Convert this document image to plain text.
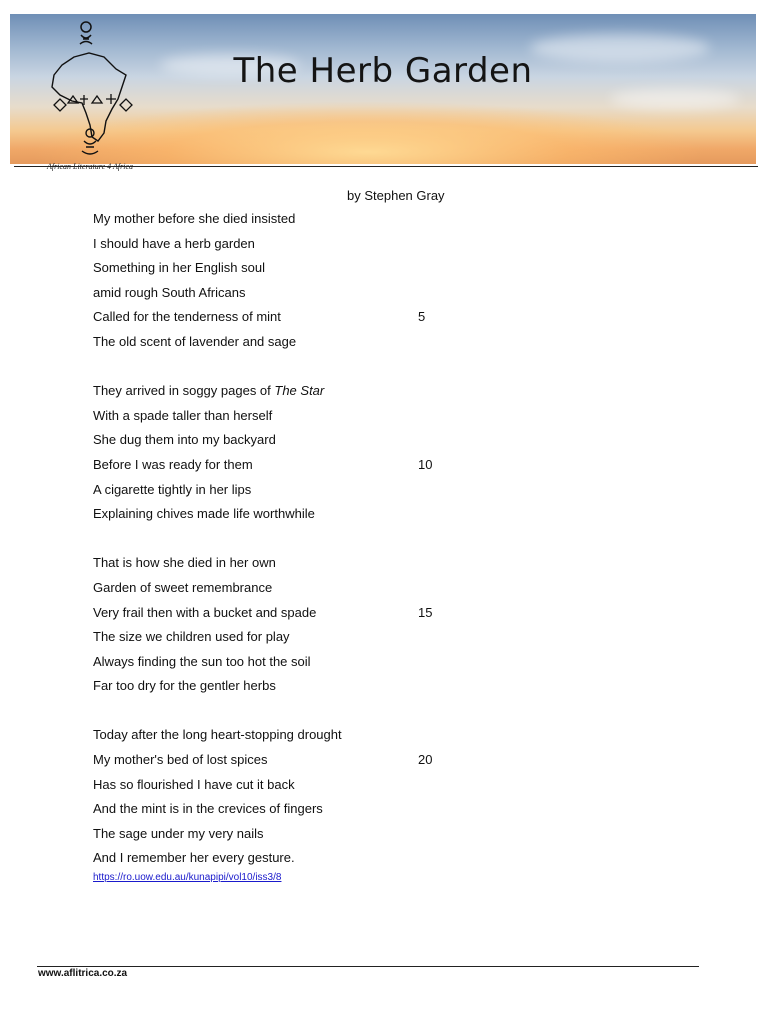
The Herb Garden
by Stephen Gray
My mother before she died insisted
I should have a herb garden
Something in her English soul
amid rough South Africans
Called for the tenderness of mint	5
The old scent of lavender and sage
They arrived in soggy pages of The Star
With a spade taller than herself
She dug them into my backyard
Before I was ready for them	10
A cigarette tightly in her lips
Explaining chives made life worthwhile
That is how she died in her own
Garden of sweet remembrance
Very frail then with a bucket and spade	15
The size we children used for play
Always finding the sun too hot the soil
Far too dry for the gentler herbs
Today after the long heart-stopping drought
My mother's bed of lost spices	20
Has so flourished I have cut it back
And the mint is in the crevices of fingers
The sage under my very nails
And I remember her every gesture.
https://ro.uow.edu.au/kunapipi/vol10/iss3/8
www.aflitrica.co.za
